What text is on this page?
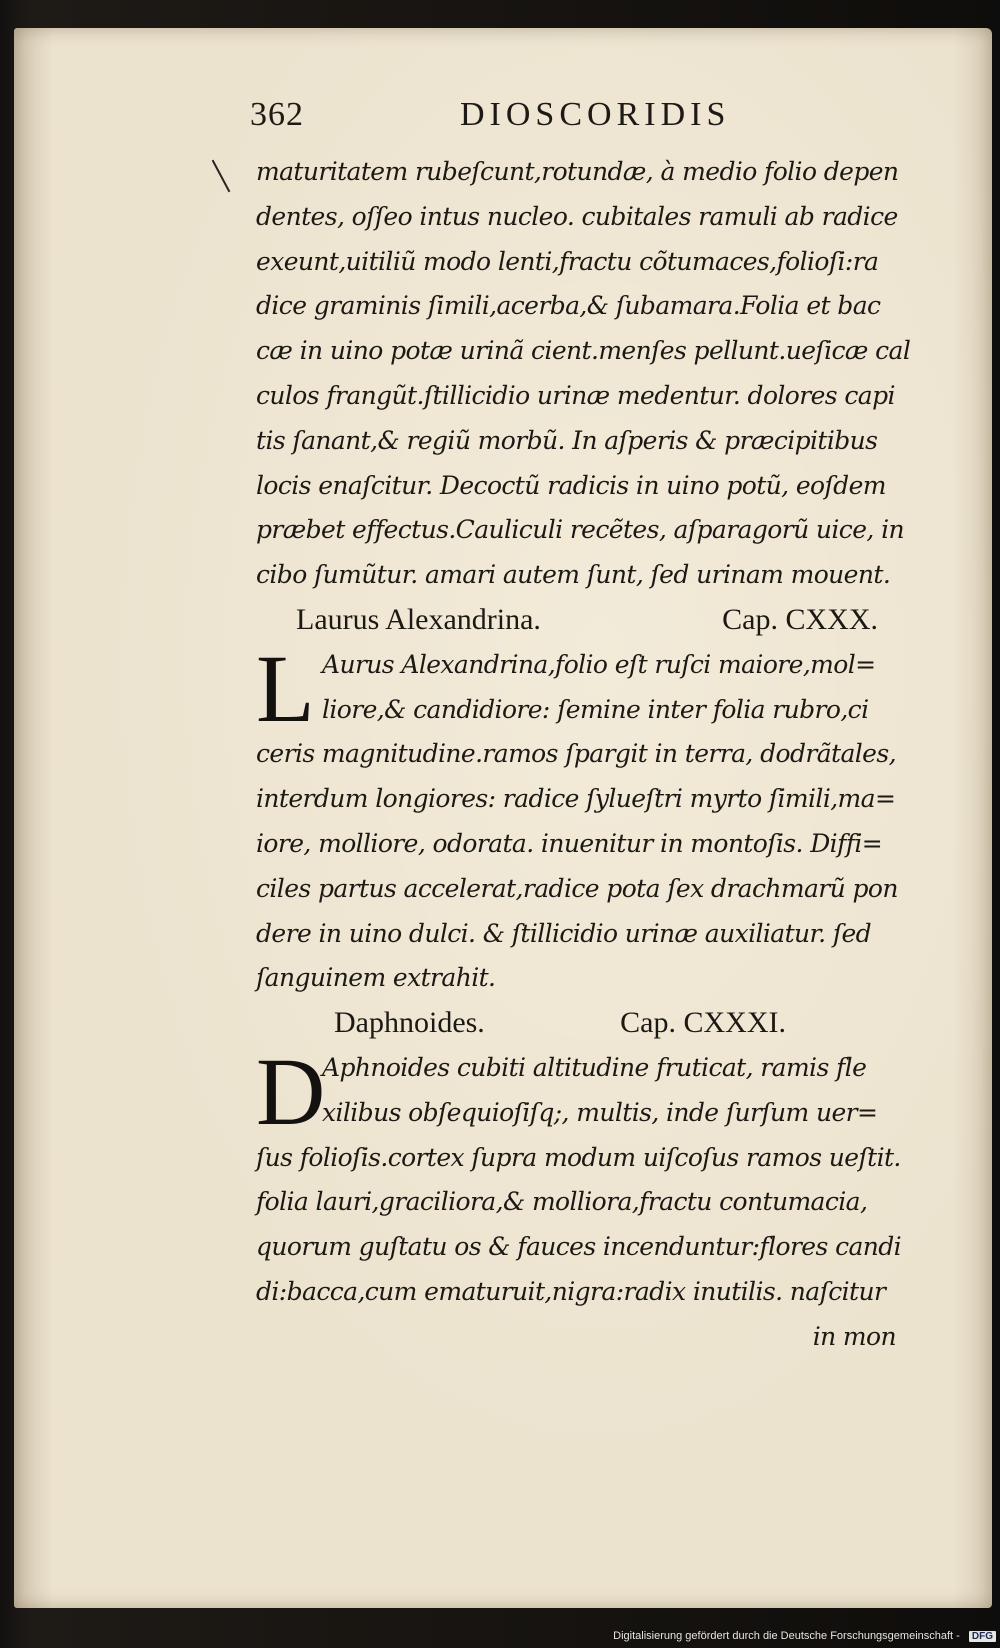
362	DIOSCORIDIS
maturitatem rubeſcunt,rotundæ, à medio folio depen
dentes, oſſeo intus nucleo. cubitales ramuli ab radice
exeunt,uitiliũ modo lenti,fractu cõtumaces,folioſi:ra
dice graminis ſimili,acerba,& ſubamara.Folia et bac
cæ in uino potæ urinã cient.menſes pellunt.ueſicæ cal
culos frangũt.ſtillicidio urinæ medentur. dolores capi
tis ſanant,& regiũ morbũ. In aſperis & præcipitibus
locis enaſcitur. Decoctũ radicis in uino potũ, eoſdem
præbet effectus.Cauliculi recẽtes, aſparagorũ uice, in
cibo ſumũtur. amari autem ſunt, ſed urinam mouent.
Laurus Alexandrina.	Cap. CXXX.
L Aurus Alexandrina,folio eſt ruſci maiore,mol=
liore,& candidiore: ſemine inter folia rubro,ci
ceris magnitudine.ramos ſpargit in terra, dodrãtales,
interdum longiores: radice ſylueſtri myrto ſimili,ma=
iore, molliore, odorata. inuenitur in montoſis. Diffi=
ciles partus accelerat,radice pota ſex drachmarũ pon
dere in uino dulci. & ſtillicidio urinæ auxiliatur. ſed
ſanguinem extrahit.
Daphnoides.	Cap. CXXXI.
D
Aphnoides cubiti altitudine fruticat, ramis fle
xilibus obſequioſiſq;, multis, inde ſurſum uer=
ſus folioſis.cortex ſupra modum uiſcoſus ramos ueſtit.
folia lauri,graciliora,& molliora,fractu contumacia,
quorum guſtatu os & fauces incenduntur:flores candi
di:bacca,cum ematuruit,nigra:radix inutilis. naſcitur
in mon
Digitalisierung gefördert durch die Deutsche Forschungsgemeinschaft - DFG
